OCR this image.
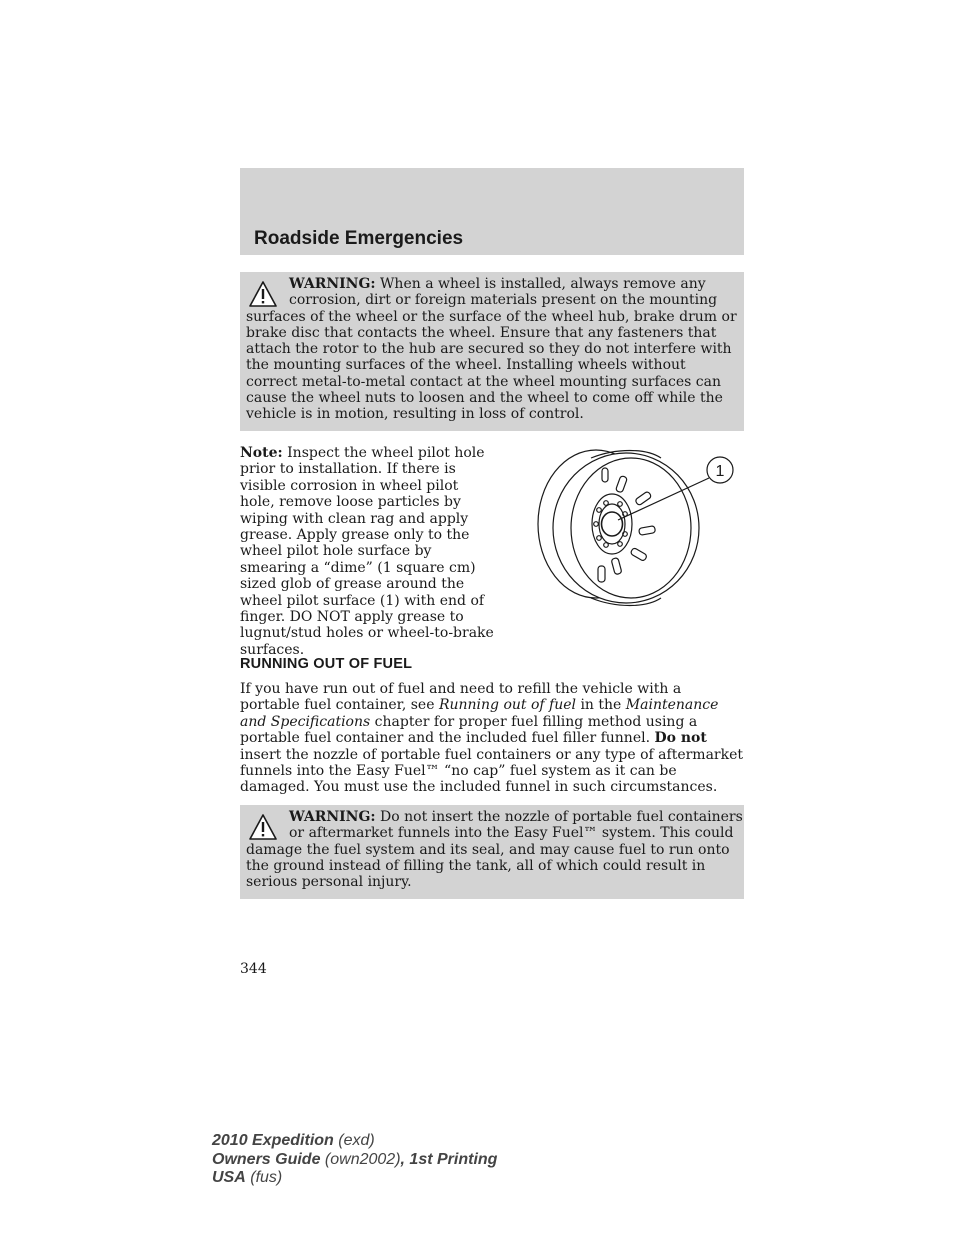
Roadside Emergencies
WARNING: When a wheel is installed, always remove any
corrosion, dirt or foreign materials present on the mounting
surfaces of the wheel or the surface of the wheel hub, brake drum or brake disc that contacts the wheel. Ensure that any fasteners that attach the rotor to the hub are secured so they do not interfere with the mounting surfaces of the wheel. Installing wheels without correct metal-to-metal contact at the wheel mounting surfaces can cause the wheel nuts to loosen and the wheel to come off while the vehicle is in motion, resulting in loss of control.
Note: Inspect the wheel pilot hole prior to installation. If there is visible corrosion in wheel pilot hole, remove loose particles by wiping with clean rag and apply grease. Apply grease only to the wheel pilot hole surface by smearing a “dime” (1 square cm) sized glob of grease around the wheel pilot surface (1) with end of finger. DO NOT apply grease to lugnut/stud holes or wheel-to-brake surfaces.
1
RUNNING OUT OF FUEL
If you have run out of fuel and need to refill the vehicle with a portable fuel container, see Running out of fuel in the Maintenance and Specifications chapter for proper fuel filling method using a portable fuel container and the included fuel filler funnel. Do not insert the nozzle of portable fuel containers or any type of aftermarket funnels into the Easy Fuel™ “no cap” fuel system as it can be damaged. You must use the included funnel in such circumstances.
WARNING: Do not insert the nozzle of portable fuel containers
or aftermarket funnels into the Easy Fuel™ system. This could
damage the fuel system and its seal, and may cause fuel to run onto the ground instead of filling the tank, all of which could result in serious personal injury.
344
2010 Expedition (exd)
Owners Guide (own2002), 1st Printing
USA (fus)
